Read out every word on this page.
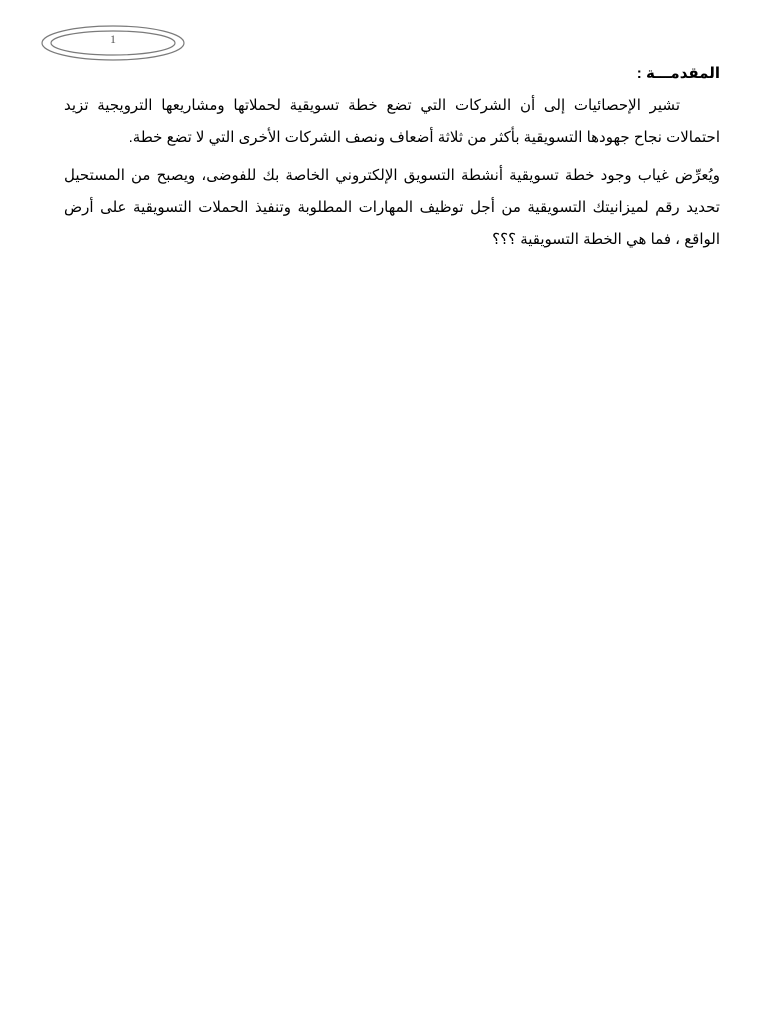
1
المقدمـــة :

تشير الإحصائيات إلى أن الشركات التي تضع خطة تسويقية لحملاتها ومشاريعها الترويجية تزيد احتمالات نجاح جهودها التسويقية بأكثر من ثلاثة أضعاف ونصف الشركات الأخرى التي لا تضع خطة.

ويُعرِّض غياب وجود خطة تسويقية أنشطة التسويق الإلكتروني الخاصة بك للفوضى، ويصبح من المستحيل تحديد رقم لميزانيتك التسويقية من أجل توظيف المهارات المطلوبة وتنفيذ الحملات التسويقية على أرض الواقع ، فما هي الخطة التسويقية ؟؟؟
